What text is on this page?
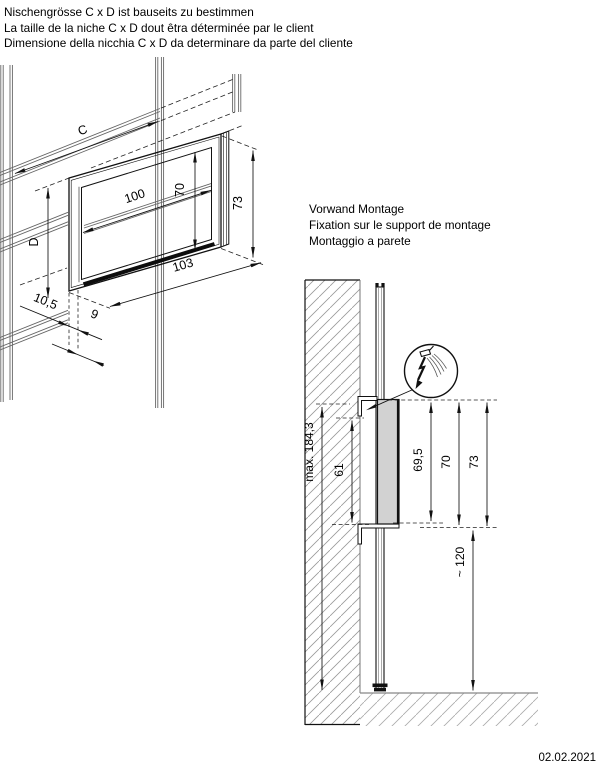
Nischengrösse C x D ist bauseits zu bestimmen
La taille de la niche C x D dout êtra déterminée par le client
Dimensione della nicchia C x D da determinare da parte del cliente
Vorwand Montage
Fixation sur le support de montage
Montaggio a parete
C
D
100 70
73
103
10,5
9
max. 184,3 61	69,5 70 73
~ 120
02.02.2021
